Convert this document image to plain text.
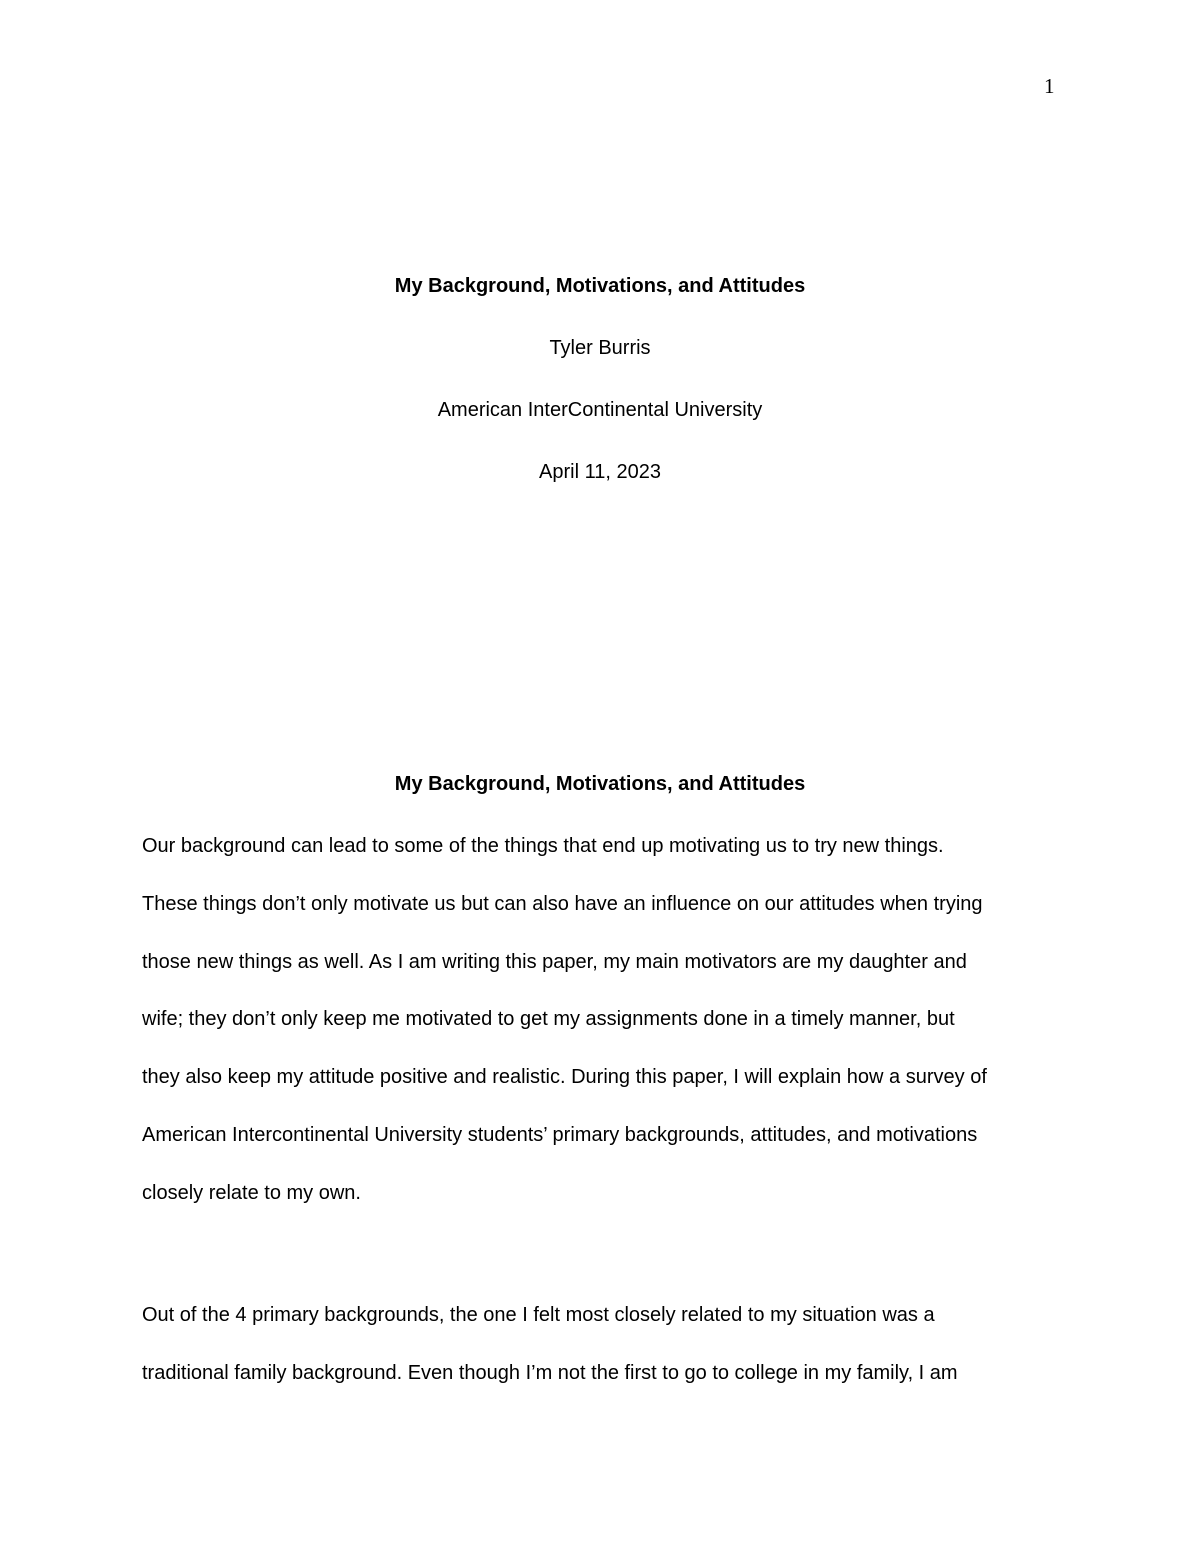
1
My Background, Motivations, and Attitudes
Tyler Burris
American InterContinental University
April 11, 2023
My Background, Motivations, and Attitudes
Our background can lead to some of the things that end up motivating us to try new things.
These things don’t only motivate us but can also have an influence on our attitudes when trying
those new things as well. As I am writing this paper, my main motivators are my daughter and
wife; they don’t only keep me motivated to get my assignments done in a timely manner, but
they also keep my attitude positive and realistic. During this paper, I will explain how a survey of
American Intercontinental University students’ primary backgrounds, attitudes, and motivations
closely relate to my own.
Out of the 4 primary backgrounds, the one I felt most closely related to my situation was a
traditional family background. Even though I’m not the first to go to college in my family, I am
